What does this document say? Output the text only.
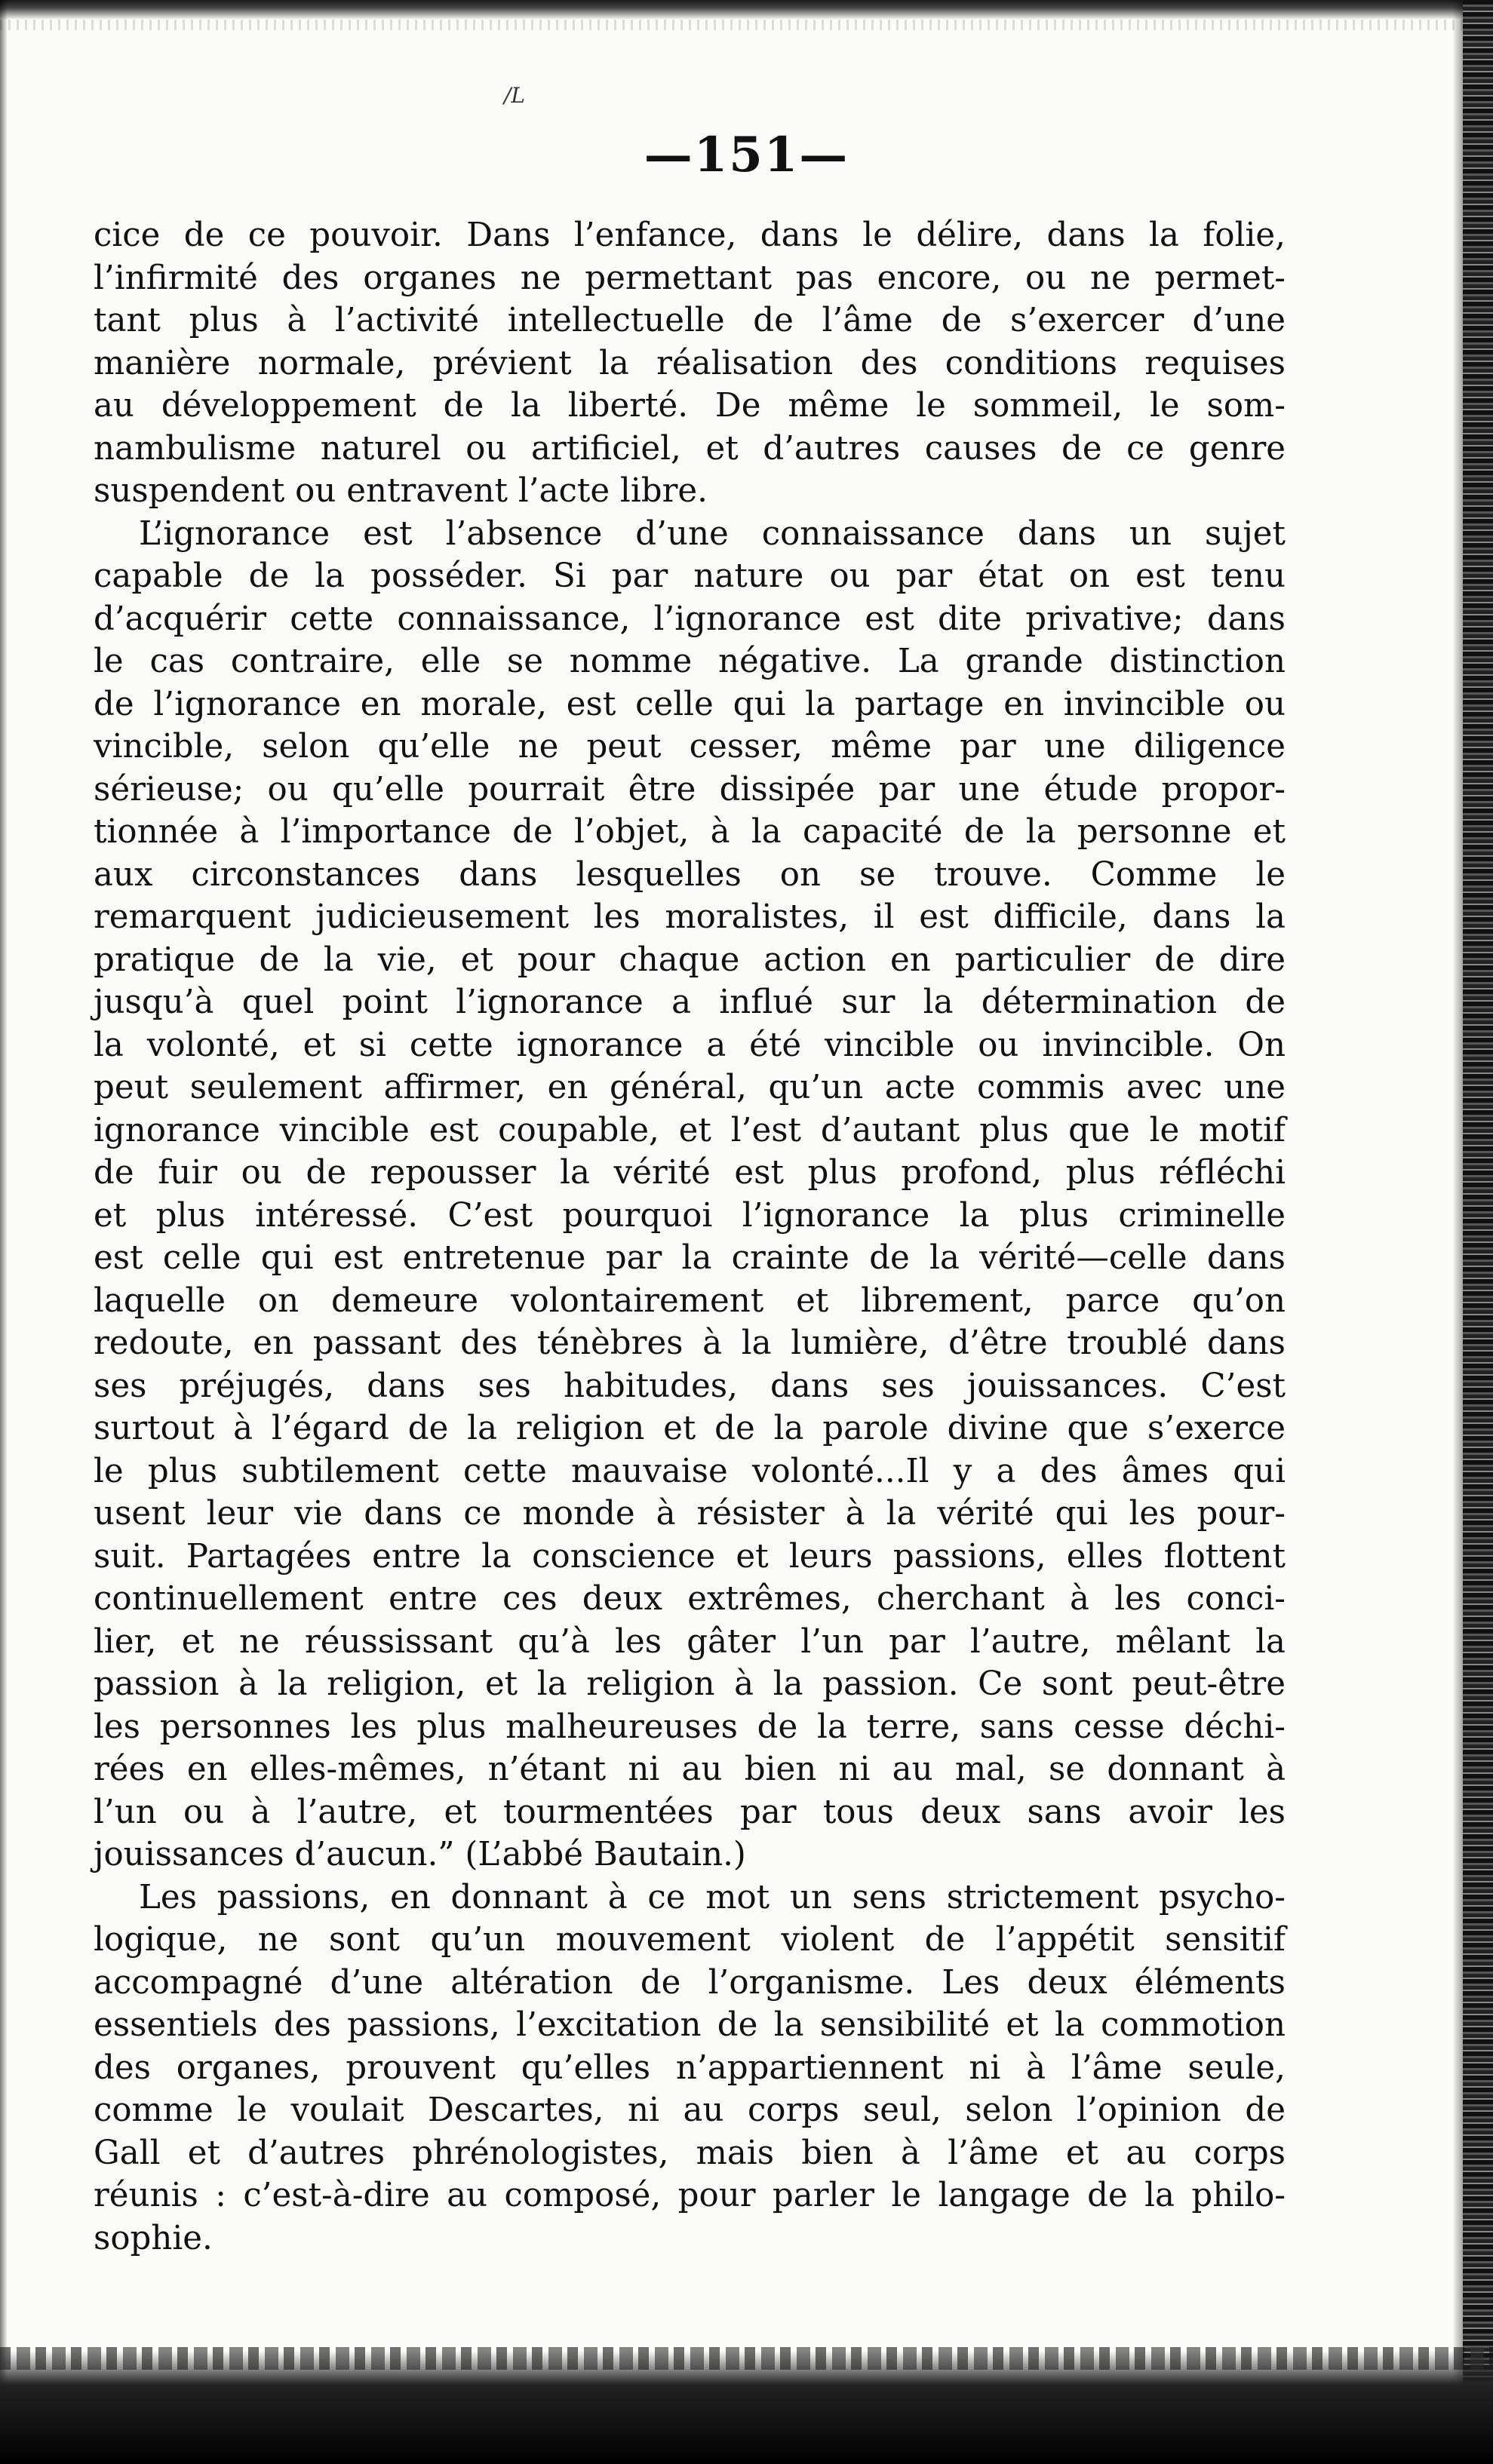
/L
—151—
cice de ce pouvoir. Dans l’enfance, dans le délire, dans la folie,
l’infirmité des organes ne permettant pas encore, ou ne permet-
tant plus à l’activité intellectuelle de l’âme de s’exercer d’une
manière normale, prévient la réalisation des conditions requises
au développement de la liberté. De même le sommeil, le som-
nambulisme naturel ou artificiel, et d’autres causes de ce genre
suspendent ou entravent l’acte libre.
L’ignorance est l’absence d’une connaissance dans un sujet
capable de la posséder. Si par nature ou par état on est tenu
d’acquérir cette connaissance, l’ignorance est dite privative; dans
le cas contraire, elle se nomme négative. La grande distinction
de l’ignorance en morale, est celle qui la partage en invincible ou
vincible, selon qu’elle ne peut cesser, même par une diligence
sérieuse; ou qu’elle pourrait être dissipée par une étude propor-
tionnée à l’importance de l’objet, à la capacité de la personne et
aux circonstances dans lesquelles on se trouve. Comme le
remarquent judicieusement les moralistes, il est difficile, dans la
pratique de la vie, et pour chaque action en particulier de dire
jusqu’à quel point l’ignorance a influé sur la détermination de
la volonté, et si cette ignorance a été vincible ou invincible. On
peut seulement affirmer, en général, qu’un acte commis avec une
ignorance vincible est coupable, et l’est d’autant plus que le motif
de fuir ou de repousser la vérité est plus profond, plus réfléchi
et plus intéressé. C’est pourquoi l’ignorance la plus criminelle
est celle qui est entretenue par la crainte de la vérité—celle dans
laquelle on demeure volontairement et librement, parce qu’on
redoute, en passant des ténèbres à la lumière, d’être troublé dans
ses préjugés, dans ses habitudes, dans ses jouissances. C’est
surtout à l’égard de la religion et de la parole divine que s’exerce
le plus subtilement cette mauvaise volonté...Il y a des âmes qui
usent leur vie dans ce monde à résister à la vérité qui les pour-
suit. Partagées entre la conscience et leurs passions, elles flottent
continuellement entre ces deux extrêmes, cherchant à les conci-
lier, et ne réussissant qu’à les gâter l’un par l’autre, mêlant la
passion à la religion, et la religion à la passion. Ce sont peut-être
les personnes les plus malheureuses de la terre, sans cesse déchi-
rées en elles-mêmes, n’étant ni au bien ni au mal, se donnant à
l’un ou à l’autre, et tourmentées par tous deux sans avoir les
jouissances d’aucun.” (L’abbé Bautain.)
Les passions, en donnant à ce mot un sens strictement psycho-
logique, ne sont qu’un mouvement violent de l’appétit sensitif
accompagné d’une altération de l’organisme. Les deux éléments
essentiels des passions, l’excitation de la sensibilité et la commotion
des organes, prouvent qu’elles n’appartiennent ni à l’âme seule,
comme le voulait Descartes, ni au corps seul, selon l’opinion de
Gall et d’autres phrénologistes, mais bien à l’âme et au corps
réunis : c’est-à-dire au composé, pour parler le langage de la philo-
sophie.
